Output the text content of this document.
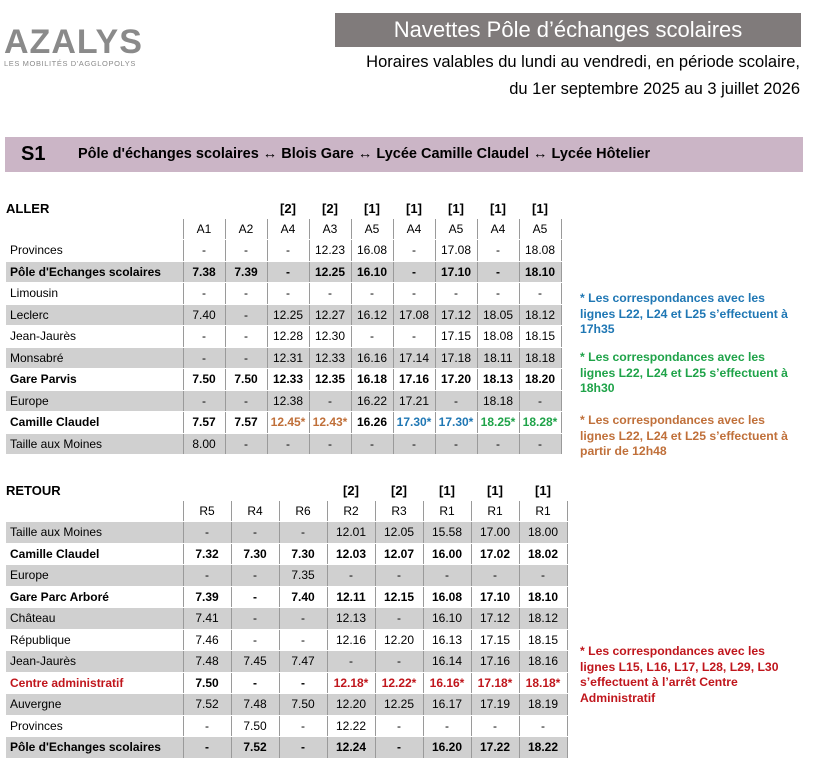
AZALYS
LES MOBILITÉS D'AGGLOPOLYS
Navettes Pôle d’échanges scolaires
Horaires valables du lundi au vendredi, en période scolaire,
du 1er septembre 2025 au 3 juillet 2026
S1 Pôle d'échanges scolaires ↔ Blois Gare ↔ Lycée Camille Claudel ↔ Lycée Hôtelier
ALLER			[2]	[2]	[1]	[1]	[1]	[1]	[1]
	A1	A2	A4	A3	A5	A4	A5	A4	A5
Provinces	-	-	-	12.23	16.08	-	17.08	-	18.08
Pôle d'Echanges scolaires	7.38	7.39	-	12.25	16.10	-	17.10	-	18.10
Limousin	-	-	-	-	-	-	-	-	-
Leclerc	7.40	-	12.25	12.27	16.12	17.08	17.12	18.05	18.12
Jean-Jaurès	-	-	12.28	12.30	-	-	17.15	18.08	18.15
Monsabré	-	-	12.31	12.33	16.16	17.14	17.18	18.11	18.18
Gare Parvis	7.50	7.50	12.33	12.35	16.18	17.16	17.20	18.13	18.20
Europe	-	-	12.38	-	16.22	17.21	-	18.18	-
Camille Claudel	7.57	7.57	12.45*	12.43*	16.26	17.30*	17.30*	18.25*	18.28*
Taille aux Moines	8.00	-	-	-	-	-	-	-	-
RETOUR				[2]	[2]	[1]	[1]	[1]
	R5	R4	R6	R2	R3	R1	R1	R1
Taille aux Moines	-	-	-	12.01	12.05	15.58	17.00	18.00
Camille Claudel	7.32	7.30	7.30	12.03	12.07	16.00	17.02	18.02
Europe	-	-	7.35	-	-	-	-	-
Gare Parc Arboré	7.39	-	7.40	12.11	12.15	16.08	17.10	18.10
Château	7.41	-	-	12.13	-	16.10	17.12	18.12
République	7.46	-	-	12.16	12.20	16.13	17.15	18.15
Jean-Jaurès	7.48	7.45	7.47	-	-	16.14	17.16	18.16
Centre administratif	7.50	-	-	12.18*	12.22*	16.16*	17.18*	18.18*
Auvergne	7.52	7.48	7.50	12.20	12.25	16.17	17.19	18.19
Provinces	-	7.50	-	12.22	-	-	-	-
Pôle d'Echanges scolaires	-	7.52	-	12.24	-	16.20	17.22	18.22
* Les correspondances avec les lignes L22, L24 et L25 s’effectuent à 17h35
* Les correspondances avec les lignes L22, L24 et L25 s’effectuent à 18h30
* Les correspondances avec les lignes L22, L24 et L25 s’effectuent à partir de 12h48
* Les correspondances avec les lignes L15, L16, L17, L28, L29, L30 s’effectuent à l’arrêt Centre Administratif
